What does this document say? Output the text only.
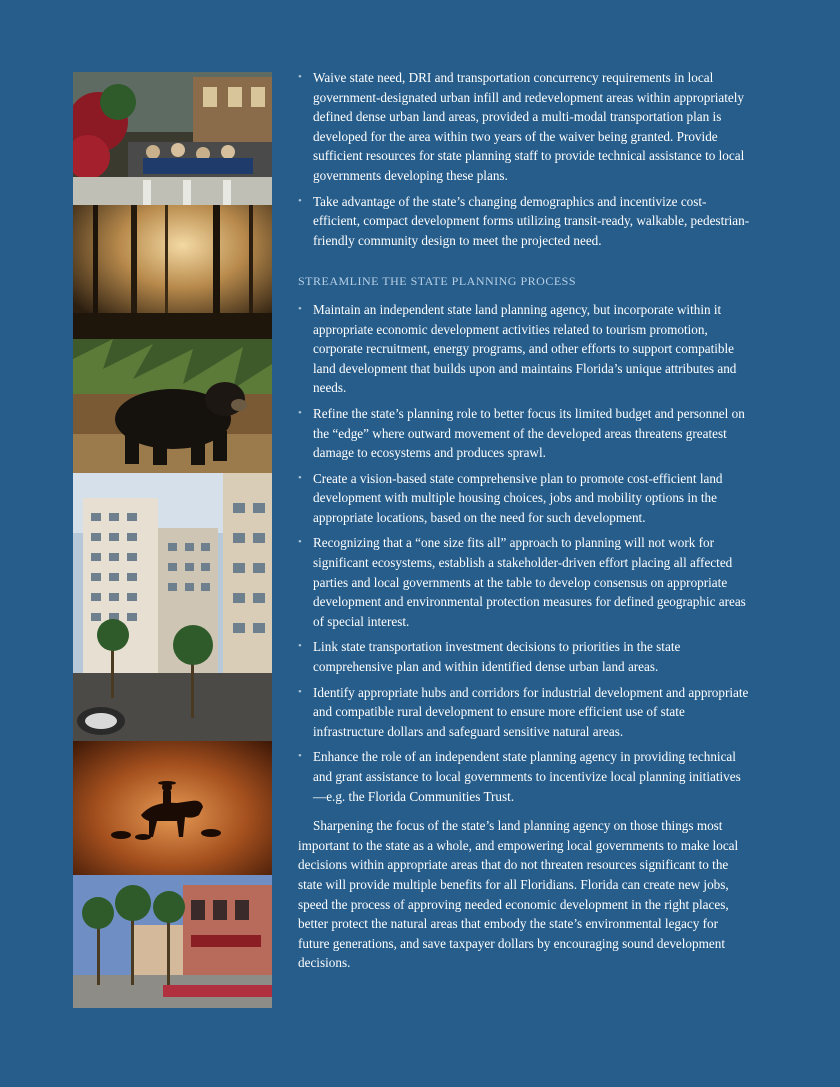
• Waive state need, DRI and transportation concurrency requirements in local government-designated urban infill and redevelopment areas within appropriately defined dense urban land areas, provided a multi-modal transportation plan is developed for the area within two years of the waiver being granted. Provide sufficient resources for state planning staff to provide technical assistance to local governments developing these plans.
• Take advantage of the state’s changing demographics and incentivize cost-efficient, compact development forms utilizing transit-ready, walkable, pedestrian-friendly community design to meet the projected need.
STREAMLINE THE STATE PLANNING PROCESS
• Maintain an independent state land planning agency, but incorporate within it appropriate economic development activities related to tourism promotion, corporate recruitment, energy programs, and other efforts to support compatible land development that builds upon and maintains Florida’s unique attributes and needs.
• Refine the state’s planning role to better focus its limited budget and personnel on the “edge” where outward movement of the developed areas threatens greatest damage to ecosystems and produces sprawl.
• Create a vision-based state comprehensive plan to promote cost-efficient land development with multiple housing choices, jobs and mobility options in the appropriate locations, based on the need for such development.
• Recognizing that a “one size fits all” approach to planning will not work for significant ecosystems, establish a stakeholder-driven effort placing all affected parties and local governments at the table to develop consensus on appropriate development and environmental protection measures for defined geographic areas of special interest.
• Link state transportation investment decisions to priorities in the state comprehensive plan and within identified dense urban land areas.
• Identify appropriate hubs and corridors for industrial development and appropriate and compatible rural development to ensure more efficient use of state infrastructure dollars and safeguard sensitive natural areas.
• Enhance the role of an independent state planning agency in providing technical and grant assistance to local governments to incentivize local planning initiatives—e.g. the Florida Communities Trust.

Sharpening the focus of the state’s land planning agency on those things most important to the state as a whole, and empowering local governments to make local decisions within appropriate areas that do not threaten resources significant to the state will provide multiple benefits for all Floridians. Florida can create new jobs, speed the process of approving needed economic development in the right places, better protect the natural areas that embody the state’s environmental legacy for future generations, and save taxpayer dollars by encouraging sound development decisions.
